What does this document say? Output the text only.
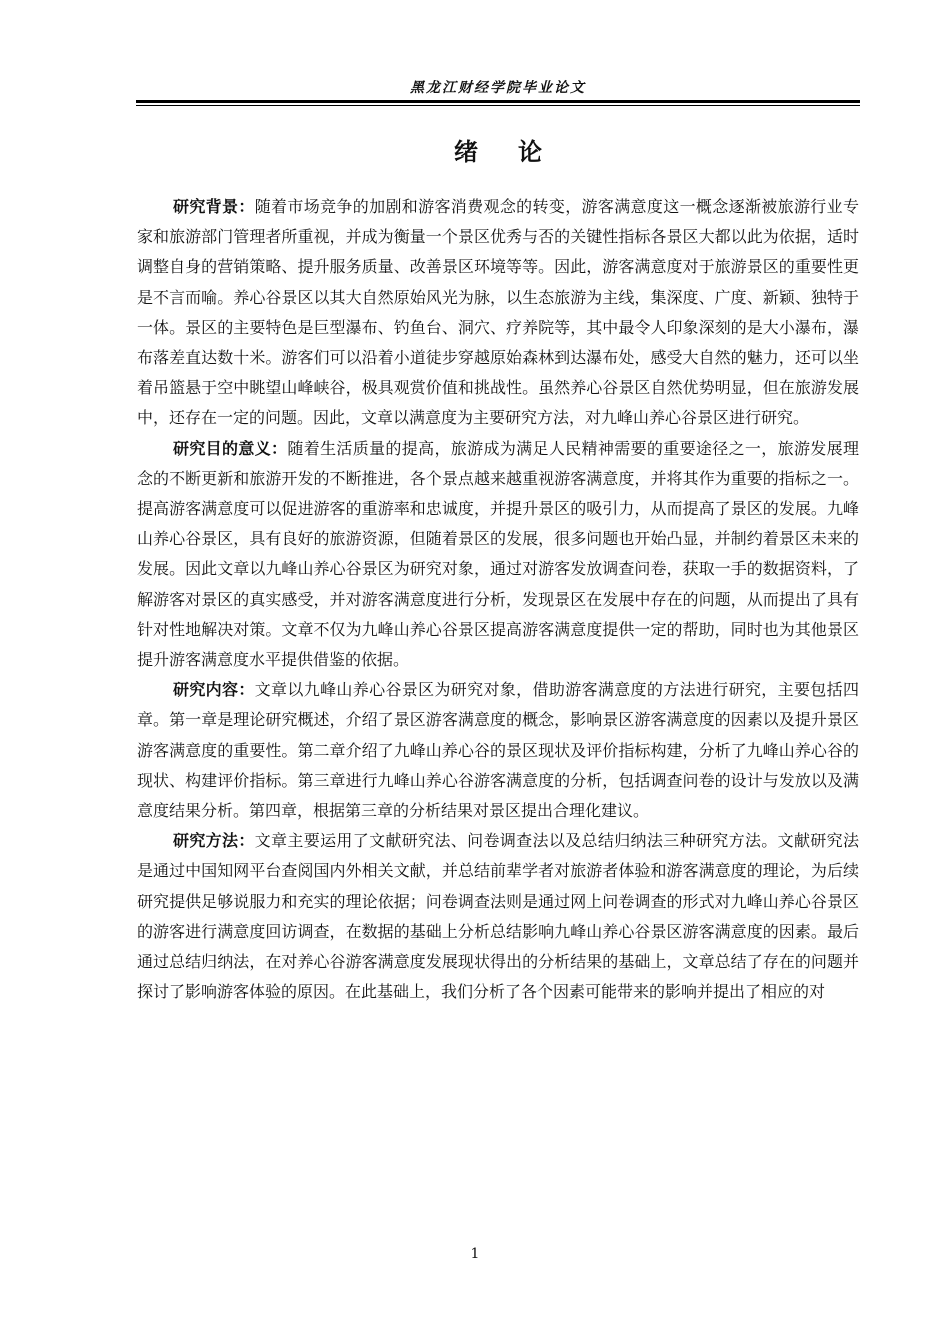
黑龙江财经学院毕业论文
绪论

研究背景：随着市场竞争的加剧和游客消费观念的转变，游客满意度这一概念逐渐被旅游行业专家和旅游部门管理者所重视，并成为衡量一个景区优秀与否的关键性指标各景区大都以此为依据，适时调整自身的营销策略、提升服务质量、改善景区环境等等。因此，游客满意度对于旅游景区的重要性更是不言而喻。养心谷景区以其大自然原始风光为脉，以生态旅游为主线，集深度、广度、新颖、独特于一体。景区的主要特色是巨型瀑布、钓鱼台、洞穴、疗养院等，其中最令人印象深刻的是大小瀑布，瀑布落差直达数十米。游客们可以沿着小道徒步穿越原始森林到达瀑布处，感受大自然的魅力，还可以坐着吊篮悬于空中眺望山峰峡谷，极具观赏价值和挑战性。虽然养心谷景区自然优势明显，但在旅游发展中，还存在一定的问题。因此，文章以满意度为主要研究方法，对九峰山养心谷景区进行研究。

研究目的意义：随着生活质量的提高，旅游成为满足人民精神需要的重要途径之一，旅游发展理念的不断更新和旅游开发的不断推进，各个景点越来越重视游客满意度，并将其作为重要的指标之一。提高游客满意度可以促进游客的重游率和忠诚度，并提升景区的吸引力，从而提高了景区的发展。九峰山养心谷景区，具有良好的旅游资源，但随着景区的发展，很多问题也开始凸显，并制约着景区未来的发展。因此文章以九峰山养心谷景区为研究对象，通过对游客发放调查问卷，获取一手的数据资料，了解游客对景区的真实感受，并对游客满意度进行分析，发现景区在发展中存在的问题，从而提出了具有针对性地解决对策。文章不仅为九峰山养心谷景区提高游客满意度提供一定的帮助，同时也为其他景区提升游客满意度水平提供借鉴的依据。

研究内容：文章以九峰山养心谷景区为研究对象，借助游客满意度的方法进行研究，主要包括四章。第一章是理论研究概述，介绍了景区游客满意度的概念，影响景区游客满意度的因素以及提升景区游客满意度的重要性。第二章介绍了九峰山养心谷的景区现状及评价指标构建，分析了九峰山养心谷的现状、构建评价指标。第三章进行九峰山养心谷游客满意度的分析，包括调查问卷的设计与发放以及满意度结果分析。第四章，根据第三章的分析结果对景区提出合理化建议。

研究方法：文章主要运用了文献研究法、问卷调查法以及总结归纳法三种研究方法。文献研究法是通过中国知网平台查阅国内外相关文献，并总结前辈学者对旅游者体验和游客满意度的理论，为后续研究提供足够说服力和充实的理论依据；问卷调查法则是通过网上问卷调查的形式对九峰山养心谷景区的游客进行满意度回访调查，在数据的基础上分析总结影响九峰山养心谷景区游客满意度的因素。最后通过总结归纳法，在对养心谷游客满意度发展现状得出的分析结果的基础上，文章总结了存在的问题并探讨了影响游客体验的原因。在此基础上，我们分析了各个因素可能带来的影响并提出了相应的对

1
